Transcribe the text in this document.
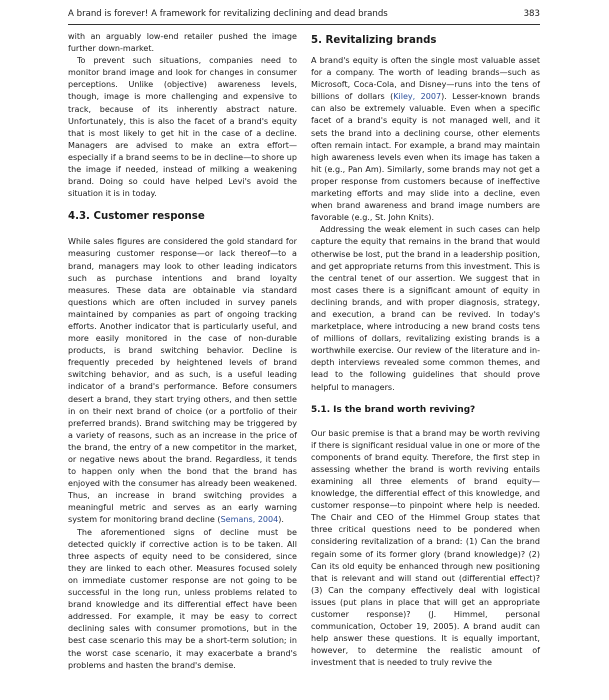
A brand is forever! A framework for revitalizing declining and dead brands	383

with an arguably low-end retailer pushed the image further down-market.

To prevent such situations, companies need to monitor brand image and look for changes in consumer perceptions. Unlike (objective) awareness levels, though, image is more challenging and expensive to track, because of its inherently abstract nature. Unfortunately, this is also the facet of a brand's equity that is most likely to get hit in the case of a decline. Managers are advised to make an extra effort—especially if a brand seems to be in decline—to shore up the image if needed, instead of milking a weakening brand. Doing so could have helped Levi's avoid the situation it is in today.

4.3. Customer response

While sales figures are considered the gold standard for measuring customer response—or lack thereof—to a brand, managers may look to other leading indicators such as purchase intentions and brand loyalty measures. These data are obtainable via standard questions which are often included in survey panels maintained by companies as part of ongoing tracking efforts. Another indicator that is particularly useful, and more easily monitored in the case of non-durable products, is brand switching behavior. Decline is frequently preceded by heightened levels of brand switching behavior, and as such, is a useful leading indicator of a brand's performance. Before consumers desert a brand, they start trying others, and then settle in on their next brand of choice (or a portfolio of their preferred brands). Brand switching may be triggered by a variety of reasons, such as an increase in the price of the brand, the entry of a new competitor in the market, or negative news about the brand. Regardless, it tends to happen only when the bond that the brand has enjoyed with the consumer has already been weakened. Thus, an increase in brand switching provides a meaningful metric and serves as an early warning system for monitoring brand decline (Semans, 2004).

The aforementioned signs of decline must be detected quickly if corrective action is to be taken. All three aspects of equity need to be considered, since they are linked to each other. Measures focused solely on immediate customer response are not going to be successful in the long run, unless problems related to brand knowledge and its differential effect have been addressed. For example, it may be easy to correct declining sales with consumer promotions, but in the best case scenario this may be a short-term solution; in the worst case scenario, it may exacerbate a brand's problems and hasten the brand's demise.

5. Revitalizing brands

A brand's equity is often the single most valuable asset for a company. The worth of leading brands—such as Microsoft, Coca-Cola, and Disney—runs into the tens of billions of dollars (Kiley, 2007). Lesser-known brands can also be extremely valuable. Even when a specific facet of a brand's equity is not managed well, and it sets the brand into a declining course, other elements often remain intact. For example, a brand may maintain high awareness levels even when its image has taken a hit (e.g., Pan Am). Similarly, some brands may not get a proper response from customers because of ineffective marketing efforts and may slide into a decline, even when brand awareness and brand image numbers are favorable (e.g., St. John Knits).

Addressing the weak element in such cases can help capture the equity that remains in the brand that would otherwise be lost, put the brand in a leadership position, and get appropriate returns from this investment. This is the central tenet of our assertion. We suggest that in most cases there is a significant amount of equity in declining brands, and with proper diagnosis, strategy, and execution, a brand can be revived. In today's marketplace, where introducing a new brand costs tens of millions of dollars, revitalizing existing brands is a worthwhile exercise. Our review of the literature and in-depth interviews revealed some common themes, and lead to the following guidelines that should prove helpful to managers.

5.1. Is the brand worth reviving?

Our basic premise is that a brand may be worth reviving if there is significant residual value in one or more of the components of brand equity. Therefore, the first step in assessing whether the brand is worth reviving entails examining all three elements of brand equity—knowledge, the differential effect of this knowledge, and customer response—to pinpoint where help is needed. The Chair and CEO of the Himmel Group states that three critical questions need to be pondered when considering revitalization of a brand: (1) Can the brand regain some of its former glory (brand knowledge)? (2) Can its old equity be enhanced through new positioning that is relevant and will stand out (differential effect)? (3) Can the company effectively deal with logistical issues (put plans in place that will get an appropriate customer response)? (J. Himmel, personal communication, October 19, 2005). A brand audit can help answer these questions. It is equally important, however, to determine the realistic amount of investment that is needed to truly revive the
